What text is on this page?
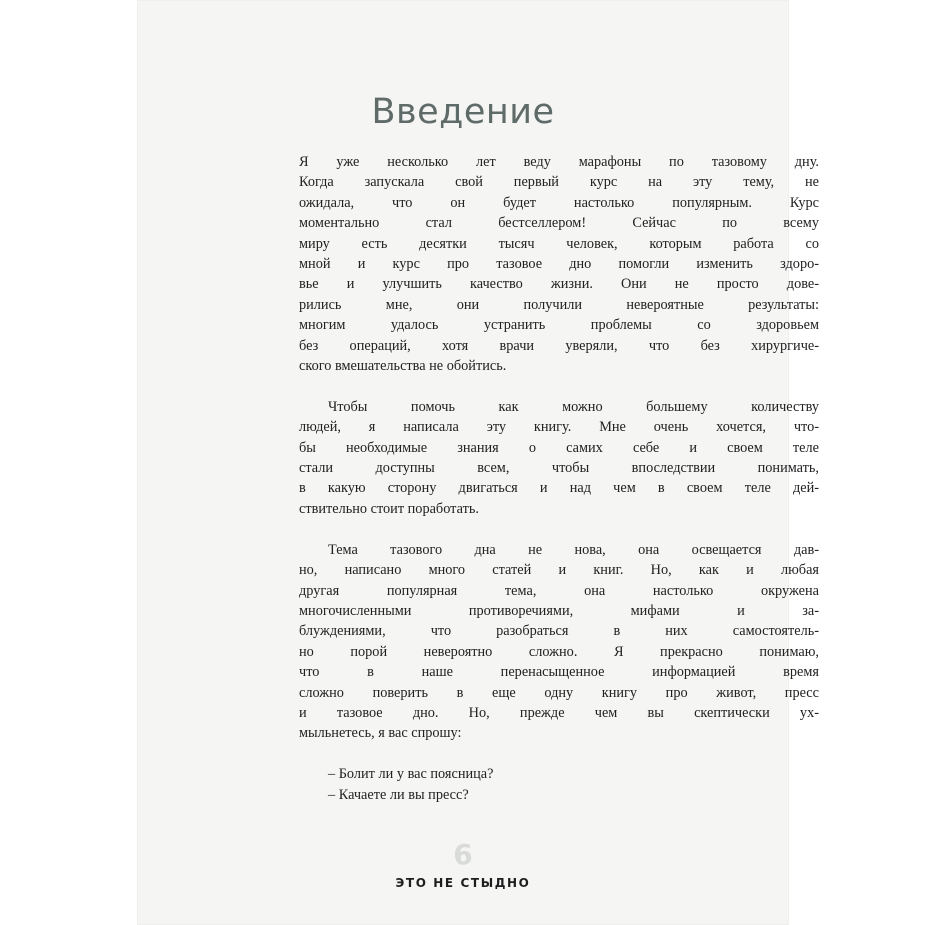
Введение
Я уже несколько лет веду марафоны по тазовому дну.
Когда запускала свой первый курс на эту тему, не
ожидала, что он будет настолько популярным. Курс
моментально стал бестселлером! Сейчас по всему
миру есть десятки тысяч человек, которым работа со
мной и курс про тазовое дно помогли изменить здоро-
вье и улучшить качество жизни. Они не просто дове-
рились мне, они получили невероятные результаты:
многим удалось устранить проблемы со здоровьем
без операций, хотя врачи уверяли, что без хирургиче-
ского вмешательства не обойтись.
Чтобы помочь как можно большему количеству
людей, я написала эту книгу. Мне очень хочется, что-
бы необходимые знания о самих себе и своем теле
стали доступны всем, чтобы впоследствии понимать,
в какую сторону двигаться и над чем в своем теле дей-
ствительно стоит поработать.
Тема тазового дна не нова, она освещается дав-
но, написано много статей и книг. Но, как и любая
другая популярная тема, она настолько окружена
многочисленными противоречиями, мифами и за-
блуждениями, что разобраться в них самостоятель-
но порой невероятно сложно. Я прекрасно понимаю,
что в наше перенасыщенное информацией время
сложно поверить в еще одну книгу про живот, пресс
и тазовое дно. Но, прежде чем вы скептически ух-
мыльнетесь, я вас спрошу:
– Болит ли у вас поясница?
– Качаете ли вы пресс?
6
ЭТО НЕ СТЫДНО
